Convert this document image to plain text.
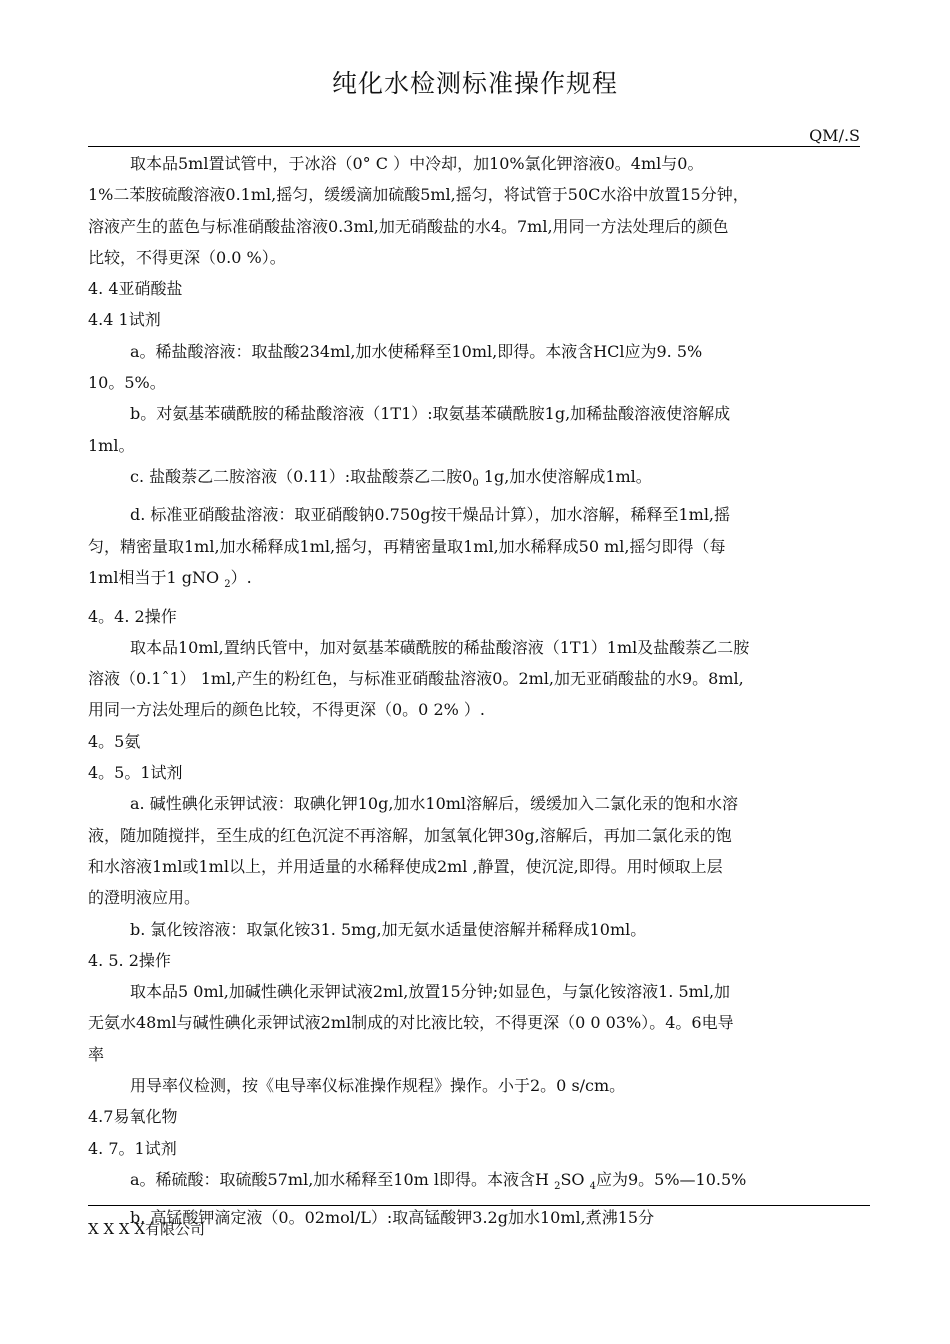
纯化水检测标准操作规程
QM/.S

取本品5ml置试管中，于冰浴（0° C ）中冷却，加10%氯化钾溶液0。4ml与0。

1%二苯胺硫酸溶液0.1ml,摇匀，缓缓滴加硫酸5ml,摇匀，将试管于50C水浴中放置15分钟，

溶液产生的蓝色与标准硝酸盐溶液0.3ml,加无硝酸盐的水4。7ml,用同一方法处理后的颜色

比较，不得更深（0.0 %）。

4. 4亚硝酸盐

4.4 1试剂

a。稀盐酸溶液：取盐酸234ml,加水使稀释至10ml,即得。本液含HCl应为9. 5%

10。5%。

b。对氨基苯磺酰胺的稀盐酸溶液（1T1）:取氨基苯磺酰胺1g,加稀盐酸溶液使溶解成

1ml。

c. 盐酸萘乙二胺溶液（0.11）:取盐酸萘乙二胺$0_0$ 1g,加水使溶解成1ml。

d. 标准亚硝酸盐溶液：取亚硝酸钠0.750g按干燥品计算），加水溶解，稀释至1ml,摇

匀，精密量取1ml,加水稀释成1ml,摇匀，再精密量取1ml,加水稀释成50 ml,摇匀即得（每

1ml相当于1 gNO $_2$）.

4。4. 2操作

取本品10ml,置纳氏管中，加对氨基苯磺酰胺的稀盐酸溶液（1T1）1ml及盐酸萘乙二胺

溶液（0.1ˆ1） 1ml,产生的粉红色，与标准亚硝酸盐溶液0。2ml,加无亚硝酸盐的水9。8ml,

用同一方法处理后的颜色比较，不得更深（0。0 2% ）.

4。5氨

4。5。1试剂

a. 碱性碘化汞钾试液：取碘化钾10g,加水10ml溶解后，缓缓加入二氯化汞的饱和水溶

液，随加随搅拌，至生成的红色沉淀不再溶解，加氢氧化钾30g,溶解后，再加二氯化汞的饱

和水溶液1ml或1ml以上，并用适量的水稀释使成2ml ,静置，使沉淀,即得。用时倾取上层

的澄明液应用。

b. 氯化铵溶液：取氯化铵31. 5mg,加无氨水适量使溶解并稀释成10ml。

4. 5. 2操作

取本品5 0ml,加碱性碘化汞钾试液2ml,放置15分钟;如显色，与氯化铵溶液1. 5ml,加

无氨水48ml与碱性碘化汞钾试液2ml制成的对比液比较，不得更深（0 0 03%）。4。6电导

率

用导率仪检测，按《电导率仪标准操作规程》操作。小于2。0 s/cm。

4.7易氧化物

4. 7。1试剂

a。稀硫酸：取硫酸57ml,加水稀释至10m l即得。本液含H $_2$SO $_4$应为9。5%—10.5%

b. 高锰酸钾滴定液（0。02mol/L）:取高锰酸钾3.2g加水10ml,煮沸15分

X X X X有限公司
